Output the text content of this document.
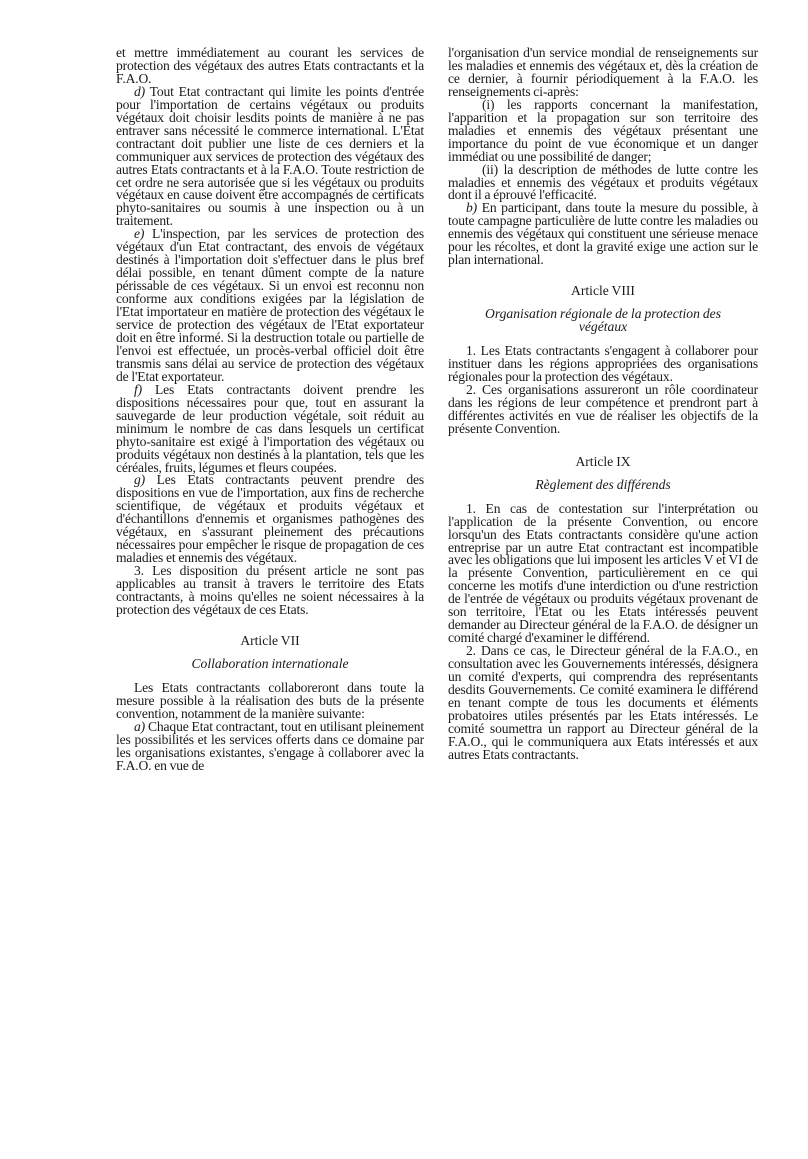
et mettre immédiatement au courant les services de protection des végétaux des autres Etats contractants et la F.A.O.

d) Tout Etat contractant qui limite les points d'entrée pour l'importation de certains végétaux ou produits végétaux doit choisir lesdits points de manière à ne pas entraver sans nécessité le commerce international. L'Etat contractant doit publier une liste de ces derniers et la communiquer aux services de protection des végétaux des autres Etats contractants et à la F.A.O. Toute restriction de cet ordre ne sera autorisée que si les végétaux ou produits végétaux en cause doivent être accompagnés de certificats phyto-sanitaires ou soumis à une inspection ou à un traitement.

e) L'inspection, par les services de protection des végétaux d'un Etat contractant, des envois de végétaux destinés à l'importation doit s'effectuer dans le plus bref délai possible, en tenant dûment compte de la nature périssable de ces végétaux. Si un envoi est reconnu non conforme aux conditions exigées par la législation de l'Etat importateur en matière de protection des végétaux le service de protection des végétaux de l'Etat exportateur doit en être informé. Si la destruction totale ou partielle de l'envoi est effectuée, un procès-verbal officiel doit être transmis sans délai au service de protection des végétaux de l'Etat exportateur.

f) Les Etats contractants doivent prendre les dispositions nécessaires pour que, tout en assurant la sauvegarde de leur production végétale, soit réduit au minimum le nombre de cas dans lesquels un certificat phyto-sanitaire est exigé à l'importation des végétaux ou produits végétaux non destinés à la plantation, tels que les céréales, fruits, légumes et fleurs coupées.

g) Les Etats contractants peuvent prendre des dispositions en vue de l'importation, aux fins de recherche scientifique, de végétaux et produits végétaux et d'échantillons d'ennemis et organismes pathogènes des végétaux, en s'assurant pleinement des précautions nécessaires pour empêcher le risque de propagation de ces maladies et ennemis des végétaux.

3. Les disposition du présent article ne sont pas applicables au transit à travers le territoire des Etats contractants, à moins qu'elles ne soient nécessaires à la protection des végétaux de ces Etats.

Article VII

Collaboration internationale

Les Etats contractants collaboreront dans toute la mesure possible à la réalisation des buts de la présente convention, notamment de la manière suivante:

a) Chaque Etat contractant, tout en utilisant pleinement les possibilités et les services offerts dans ce domaine par les organisations existantes, s'engage à collaborer avec la F.A.O. en vue de

l'organisation d'un service mondial de renseignements sur les maladies et ennemis des végétaux et, dès la création de ce dernier, à fournir périodiquement à la F.A.O. les renseignements ci-après:

(i) les rapports concernant la manifestation, l'apparition et la propagation sur son territoire des maladies et ennemis des végétaux présentant une importance du point de vue économique et un danger immédiat ou une possibilité de danger;

(ii) la description de méthodes de lutte contre les maladies et ennemis des végétaux et produits végétaux dont il a éprouvé l'efficacité.

b) En participant, dans toute la mesure du possible, à toute campagne particulière de lutte contre les maladies ou ennemis des végétaux qui constituent une sérieuse menace pour les récoltes, et dont la gravité exige une action sur le plan international.

Article VIII

Organisation régionale de la protection des végétaux

1. Les Etats contractants s'engagent à collaborer pour instituer dans les régions appropriées des organisations régionales pour la protection des végétaux.

2. Ces organisations assureront un rôle coordinateur dans les régions de leur compétence et prendront part à différentes activités en vue de réaliser les objectifs de la présente Convention.

Article IX

Règlement des différends

1. En cas de contestation sur l'interprétation ou l'application de la présente Convention, ou encore lorsqu'un des Etats contractants considère qu'une action entreprise par un autre Etat contractant est incompatible avec les obligations que lui imposent les articles V et VI de la présente Convention, particulièrement en ce qui concerne les motifs d'une interdiction ou d'une restriction de l'entrée de végétaux ou produits végétaux provenant de son territoire, l'Etat ou les Etats intéressés peuvent demander au Directeur général de la F.A.O. de désigner un comité chargé d'examiner le différend.

2. Dans ce cas, le Directeur général de la F.A.O., en consultation avec les Gouvernements intéressés, désignera un comité d'experts, qui comprendra des représentants desdits Gouvernements. Ce comité examinera le différend en tenant compte de tous les documents et éléments probatoires utiles présentés par les Etats intéressés. Le comité soumettra un rapport au Directeur général de la F.A.O., qui le communiquera aux Etats intéressés et aux autres Etats contractants.
